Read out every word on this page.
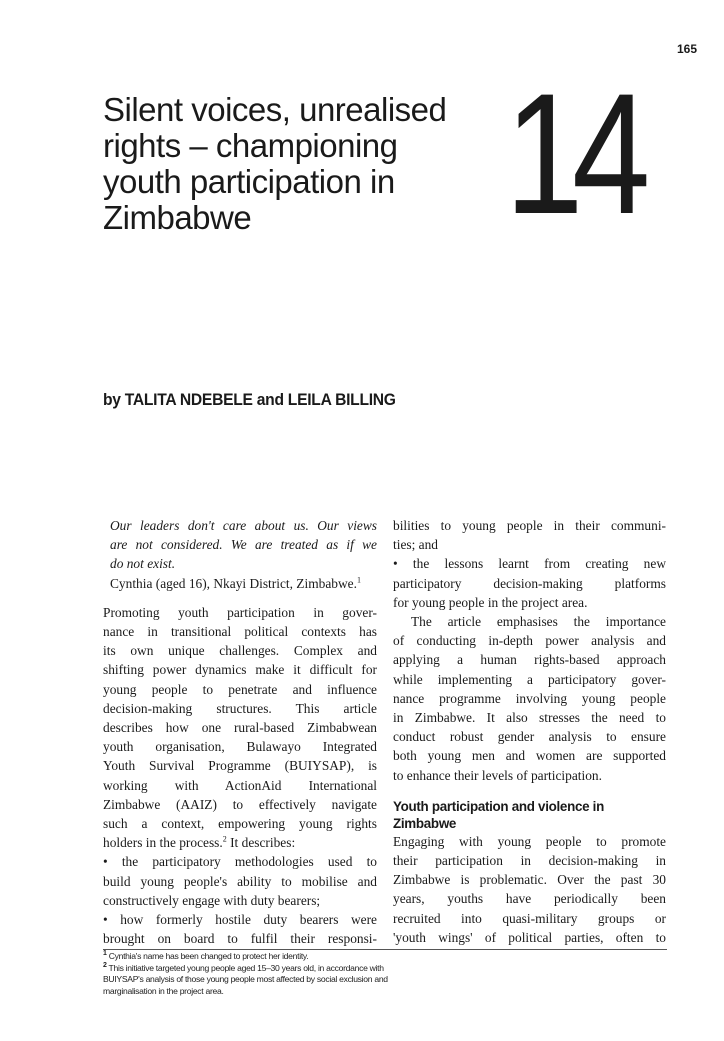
165
Silent voices, unrealised
rights – championing
youth participation in
Zimbabwe	14
by TALITA NDEBELE and LEILA BILLING
Our leaders don't care about us. Our views
are not considered. We are treated as if we
do not exist.
Cynthia (aged 16), Nkayi District, Zimbabwe.$^1$
Promoting youth participation in gover-
nance in transitional political contexts has
its own unique challenges. Complex and
shifting power dynamics make it difficult for
young people to penetrate and influence
decision-making structures. This article
describes how one rural-based Zimbabwean
youth organisation, Bulawayo Integrated
Youth Survival Programme (BUIYSAP), is
working with ActionAid International
Zimbabwe (AAIZ) to effectively navigate
such a context, empowering young rights
holders in the process.$^2$ It describes:
• the participatory methodologies used to
build young people's ability to mobilise and
constructively engage with duty bearers;
• how formerly hostile duty bearers were
brought on board to fulfil their responsi-
bilities to young people in their communi-
ties; and
• the lessons learnt from creating new
participatory decision-making platforms
for young people in the project area.
The article emphasises the importance
of conducting in-depth power analysis and
applying a human rights-based approach
while implementing a participatory gover-
nance programme involving young people
in Zimbabwe. It also stresses the need to
conduct robust gender analysis to ensure
both young men and women are supported
to enhance their levels of participation.
Youth participation and violence in
Zimbabwe
Engaging with young people to promote
their participation in decision-making in
Zimbabwe is problematic. Over the past 30
years, youths have periodically been
recruited into quasi-military groups or
'youth wings' of political parties, often to
$^1$ Cynthia's name has been changed to protect her identity.
$^2$ This initiative targeted young people aged 15–30 years old, in accordance with
BUIYSAP's analysis of those young people most affected by social exclusion and
marginalisation in the project area.
